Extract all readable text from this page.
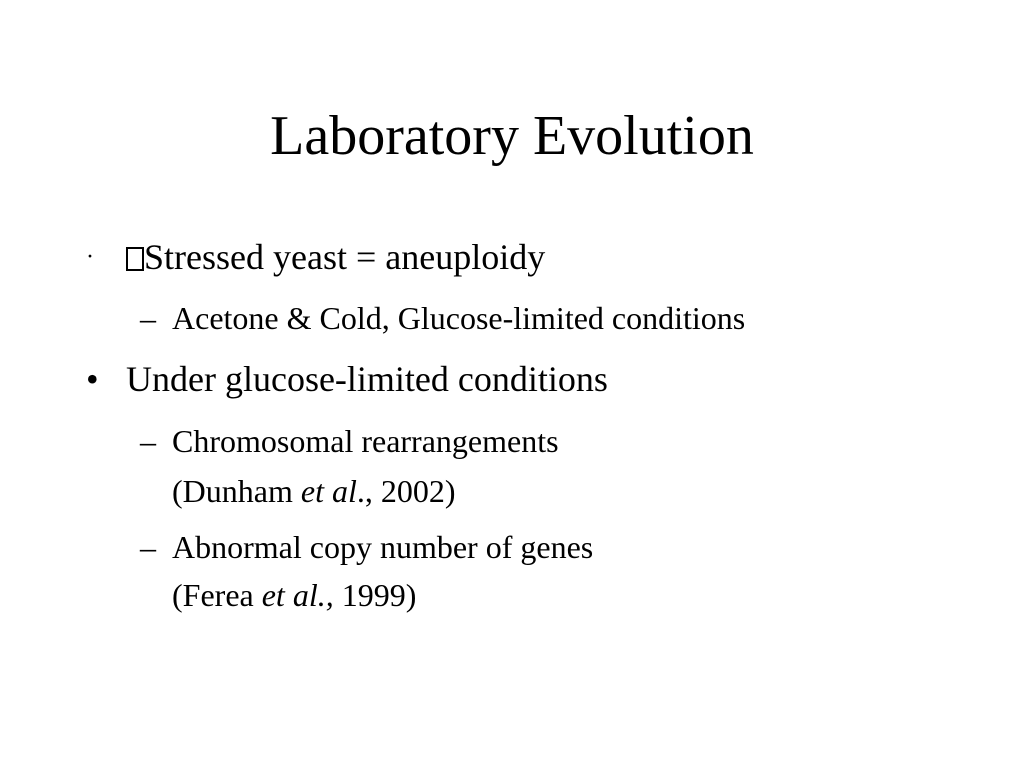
Laboratory Evolution
·	Stressed yeast = aneuploidy
– Acetone & Cold, Glucose-limited conditions
• Under glucose-limited conditions
– Chromosomal rearrangements
(Dunham et al., 2002)
– Abnormal copy number of genes
(Ferea et al., 1999)
